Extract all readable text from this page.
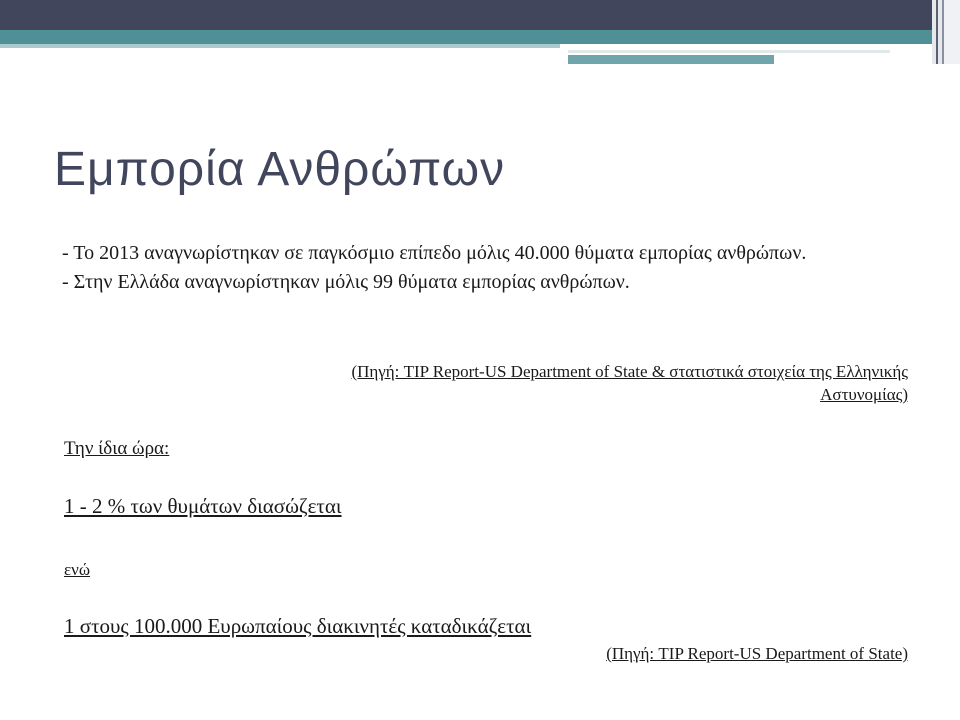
Εμπορία Ανθρώπων
- Το 2013 αναγνωρίστηκαν σε παγκόσμιο επίπεδο μόλις 40.000 θύματα εμπορίας ανθρώπων.
- Στην Ελλάδα αναγνωρίστηκαν μόλις 99 θύματα εμπορίας ανθρώπων.
(Πηγή: TIP Report-US Department of State & στατιστικά στοιχεία της Ελληνικής Αστυνομίας)
Την ίδια ώρα:
1 - 2 % των θυμάτων διασώζεται
ενώ
1 στους 100.000 Ευρωπαίους διακινητές καταδικάζεται
(Πηγή: TIP Report-US Department of State)
